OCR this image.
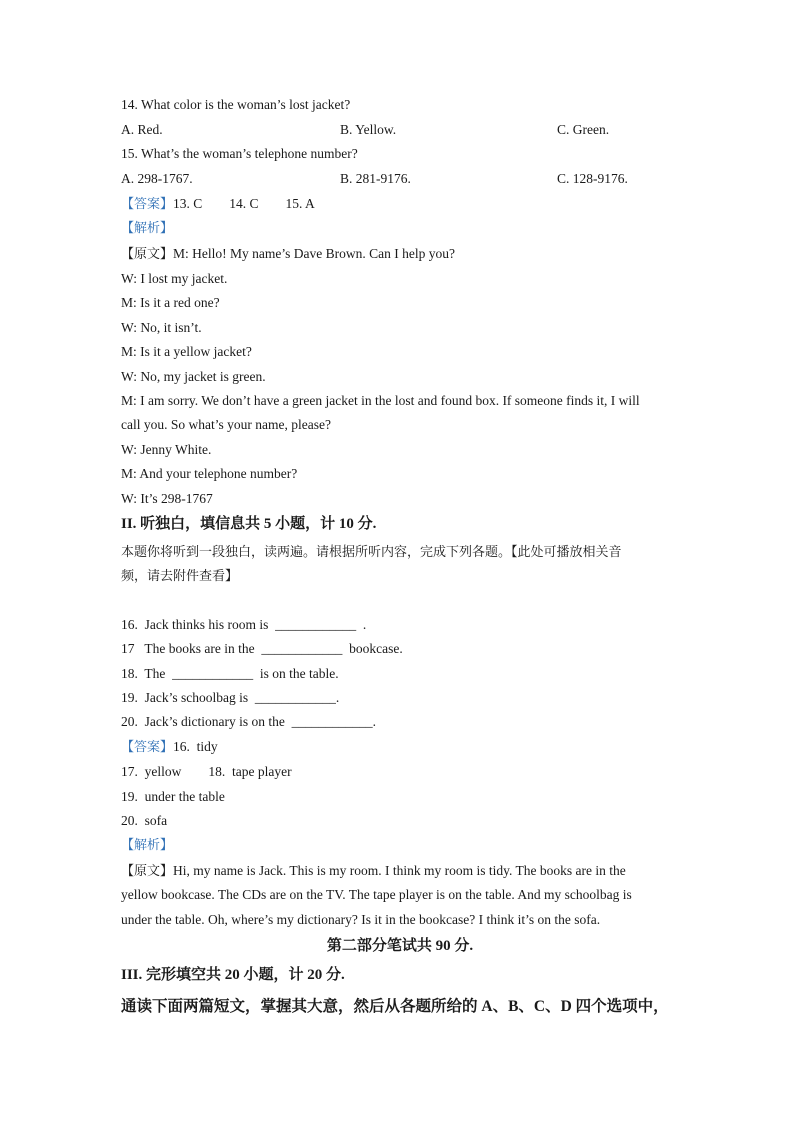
14. What color is the woman’s lost jacket?
A. Red.	B. Yellow.	C. Green.
15. What’s the woman’s telephone number?
A. 298-1767.	B. 281-9176.	C. 128-9176.
【答案】13. C        14. C        15. A
【解析】
【原文】M: Hello! My name’s Dave Brown. Can I help you?
W: I lost my jacket.
M: Is it a red one?
W: No, it isn’t.
M: Is it a yellow jacket?
W: No, my jacket is green.
M: I am sorry. We don’t have a green jacket in the lost and found box. If someone finds it, I will
call you. So what’s your name, please?
W: Jenny White.
M: And your telephone number?
W: It’s 298-1767
II. 听独白，填信息共 5 小题，计 10 分.
本题你将听到一段独白，读两遍。请根据所听内容，完成下列各题。【此处可播放相关音
频，请去附件查看】
16.  Jack thinks his room is  ____________  .
17   The books are in the  ____________  bookcase.
18.  The  ____________  is on the table.
19.  Jack’s schoolbag is  ____________.
20.  Jack’s dictionary is on the  ____________.
【答案】16.  tidy
17.  yellow        18.  tape player
19.  under the table
20.  sofa
【解析】
【原文】Hi, my name is Jack. This is my room. I think my room is tidy. The books are in the
yellow bookcase. The CDs are on the TV. The tape player is on the table. And my schoolbag is
under the table. Oh, where’s my dictionary? Is it in the bookcase? I think it’s on the sofa.
第二部分笔试共 90 分.
III. 完形填空共 20 小题，计 20 分.
通读下面两篇短文，掌握其大意，然后从各题所给的 A、B、C、D 四个选项中，
